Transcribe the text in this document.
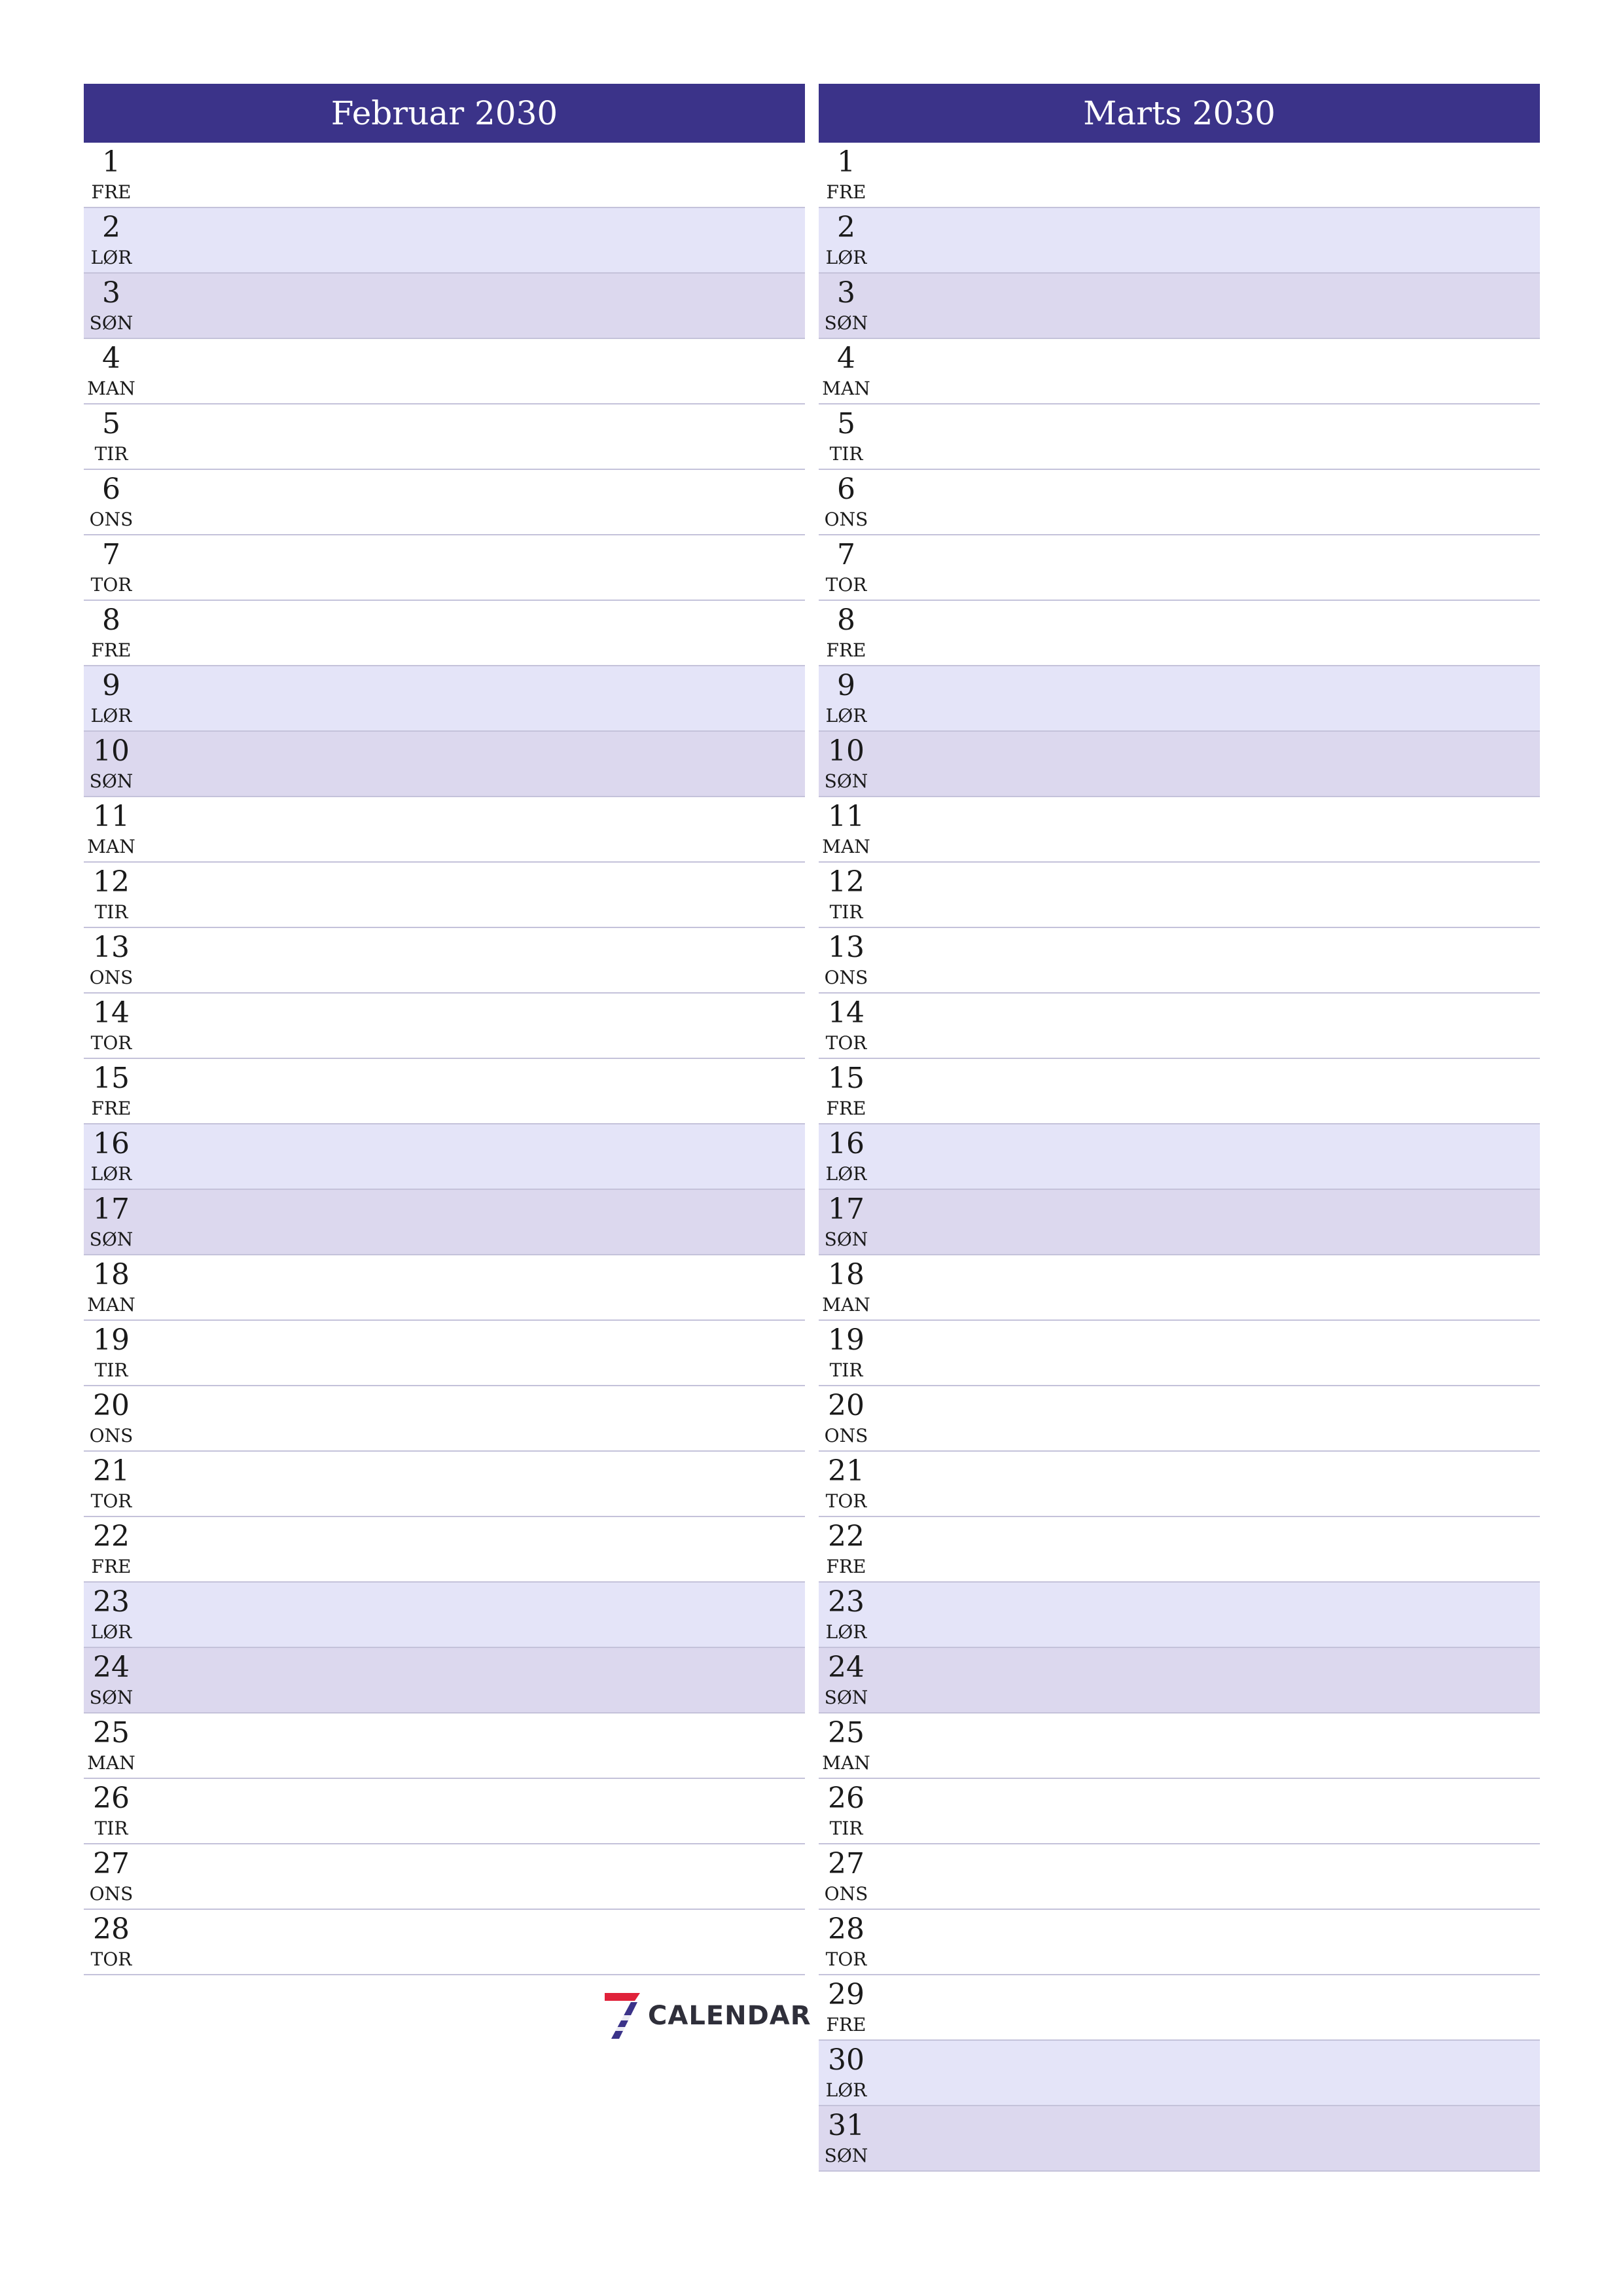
Februar 2030
1
FRE
2
LØR
3
SØN
4
MAN
5
TIR
6
ONS
7
TOR
8
FRE
9
LØR
10
SØN
11
MAN
12
TIR
13
ONS
14
TOR
15
FRE
16
LØR
17
SØN
18
MAN
19
TIR
20
ONS
21
TOR
22
FRE
23
LØR
24
SØN
25
MAN
26
TIR
27
ONS
28
TOR
Marts 2030
1
FRE
2
LØR
3
SØN
4
MAN
5
TIR
6
ONS
7
TOR
8
FRE
9
LØR
10
SØN
11
MAN
12
TIR
13
ONS
14
TOR
15
FRE
16
LØR
17
SØN
18
MAN
19
TIR
20
ONS
21
TOR
22
FRE
23
LØR
24
SØN
25
MAN
26
TIR
27
ONS
28
TOR
29
FRE
30
LØR
31
SØN
CALENDAR
